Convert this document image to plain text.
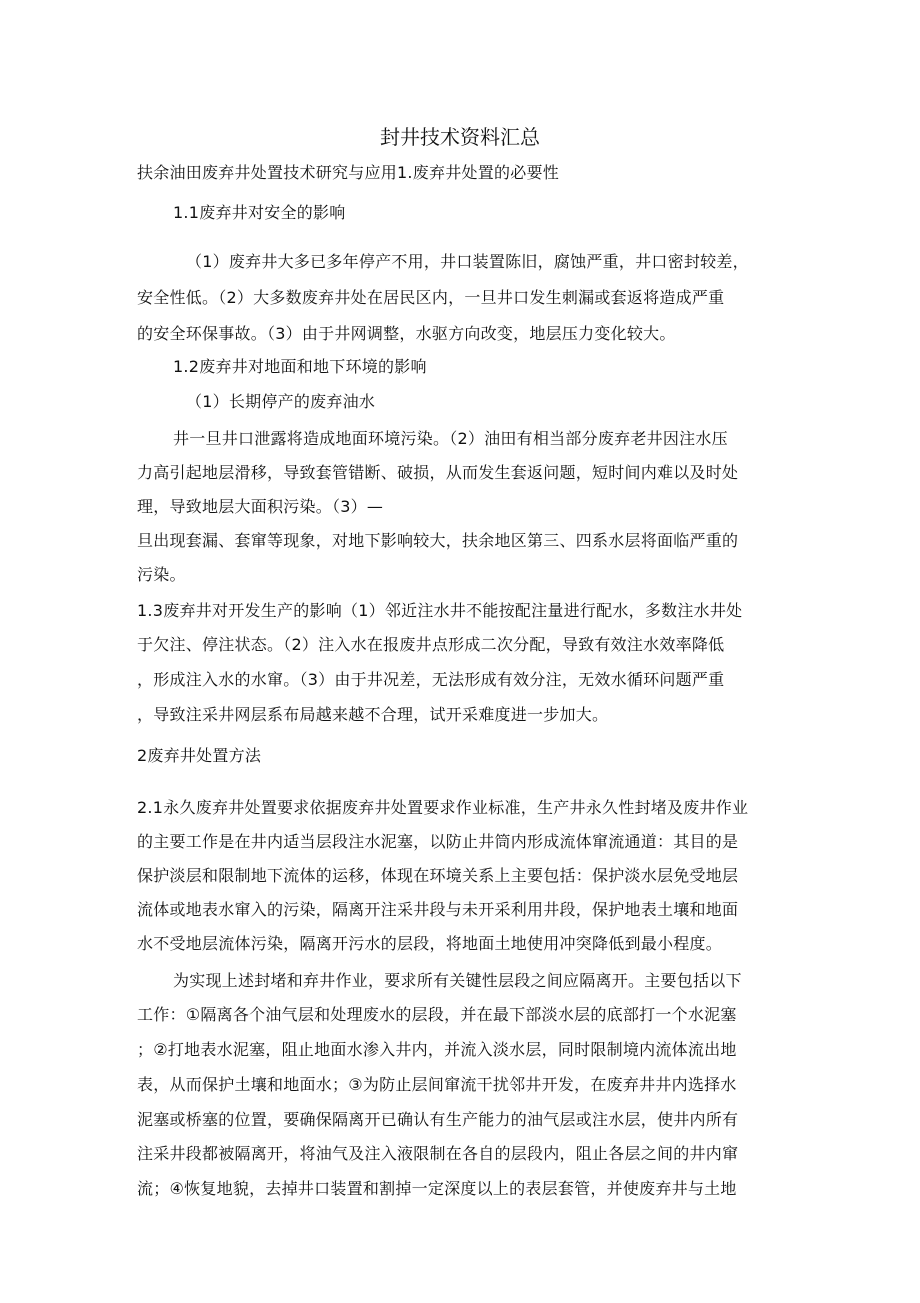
封井技术资料汇总
扶余油田废弃井处置技术研究与应用1.废弃井处置的必要性
1.1废弃井对安全的影响
（1）废弃井大多已多年停产不用，井口装置陈旧，腐蚀严重，井口密封较差，
安全性低。（2）大多数废弃井处在居民区内，一旦井口发生刺漏或套返将造成严重
的安全环保事故。（3）由于井网调整，水驱方向改变，地层压力变化较大。
1.2废弃井对地面和地下环境的影响
（1）长期停产的废弃油水
井一旦井口泄露将造成地面环境污染。（2）油田有相当部分废弃老井因注水压
力高引起地层滑移，导致套管错断、破损，从而发生套返问题，短时间内难以及时处
理，导致地层大面积污染。（3）—
旦出现套漏、套窜等现象，对地下影响较大，扶余地区第三、四系水层将面临严重的
污染。
1.3废弃井对开发生产的影响（1）邻近注水井不能按配注量进行配水，多数注水井处
于欠注、停注状态。（2）注入水在报废井点形成二次分配，导致有效注水效率降低
，形成注入水的水窜。（3）由于井况差，无法形成有效分注，无效水循环问题严重
，导致注采井网层系布局越来越不合理，试开采难度进一步加大。
2废弃井处置方法
2.1永久废弃井处置要求依据废弃井处置要求作业标准，生产井永久性封堵及废井作业
的主要工作是在井内适当层段注水泥塞，以防止井筒内形成流体窜流通道：其目的是
保护淡层和限制地下流体的运移，体现在环境关系上主要包括：保护淡水层免受地层
流体或地表水窜入的污染，隔离开注采井段与未开采利用井段，保护地表土壤和地面
水不受地层流体污染，隔离开污水的层段，将地面土地使用冲突降低到最小程度。
为实现上述封堵和弃井作业，要求所有关键性层段之间应隔离开。主要包括以下
工作：①隔离各个油气层和处理废水的层段，并在最下部淡水层的底部打一个水泥塞
；②打地表水泥塞，阻止地面水渗入井内，并流入淡水层，同时限制境内流体流出地
表，从而保护土壤和地面水；③为防止层间窜流干扰邻井开发，在废弃井井内选择水
泥塞或桥塞的位置，要确保隔离开已确认有生产能力的油气层或注水层，使井内所有
注采井段都被隔离开，将油气及注入液限制在各自的层段内，阻止各层之间的井内窜
流；④恢复地貌，去掉井口装置和割掉一定深度以上的表层套管，并使废弃井与土地
